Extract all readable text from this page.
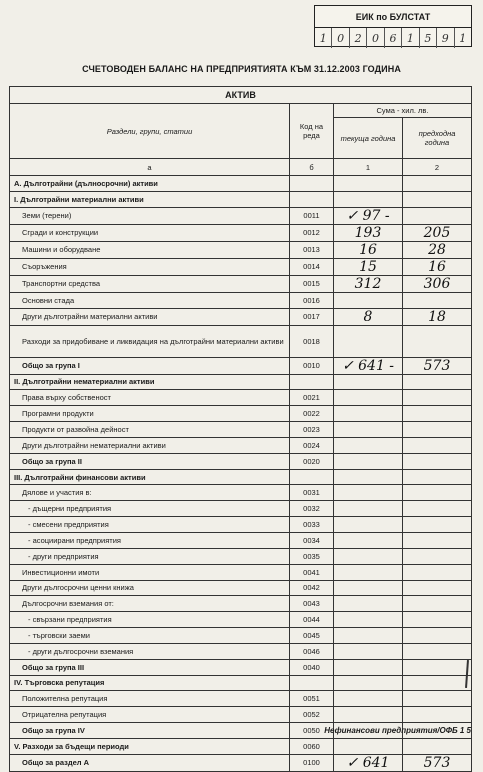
ЕИК по БУЛСТАТ
1 0 2 0 6 1 5 9 1
СЧЕТОВОДЕН БАЛАНС НА ПРЕДПРИЯТИЯТА КЪМ 31.12.2003 ГОДИНА
АКТИВ			
Раздели, групи, статии	Код на реда	Сума - хил. лв.	
		текуща година	предходна година
а	б	1	2
А. Дълготрайни (дълносрочни) активи			
I. Дълготрайни материални активи			
Земи (терени)	0011	✓ 97 ‐	
Сгради и конструкции	0012	193	205
Машини и оборудване	0013	16	28
Съоръжения	0014	15	16
Транспортни средства	0015	312	306
Основни стада	0016		
Други дълготрайни материални активи	0017	8	18
Разходи за придобиване и ликвидация на дълготрайни материални активи	0018		
Общо за група I	0010	✓ 641 ‐	573
II. Дълготрайни нематериални активи			
Права върху собственост	0021		
Програмни продукти	0022		
Продукти от развойна дейност	0023		
Други дълготрайни нематериални активи	0024		
Общо за група II	0020		
III. Дълготрайни финансови активи			
Дялове и участия в:	0031		
- дъщерни предприятия	0032		
- смесени предприятия	0033		
- асоциирани предприятия	0034		
- други предприятия	0035		
Инвестиционни имоти	0041		
Други дългосрочни ценни книжа	0042		
Дългосрочни вземания от:	0043		
- свързани предприятия	0044		
- търговски заеми	0045		
- други дългосрочни вземания	0046		
Общо за група III	0040		
IV. Търговска репутация			
Положителна репутация	0051		
Отрицателна репутация	0052		
Общо за група IV	0050		
V. Разходи за бъдещи периоди	0060		
Общо за раздел А	0100	✓ 641	573
Нефинансови предприятия/ОФБ 1 5
